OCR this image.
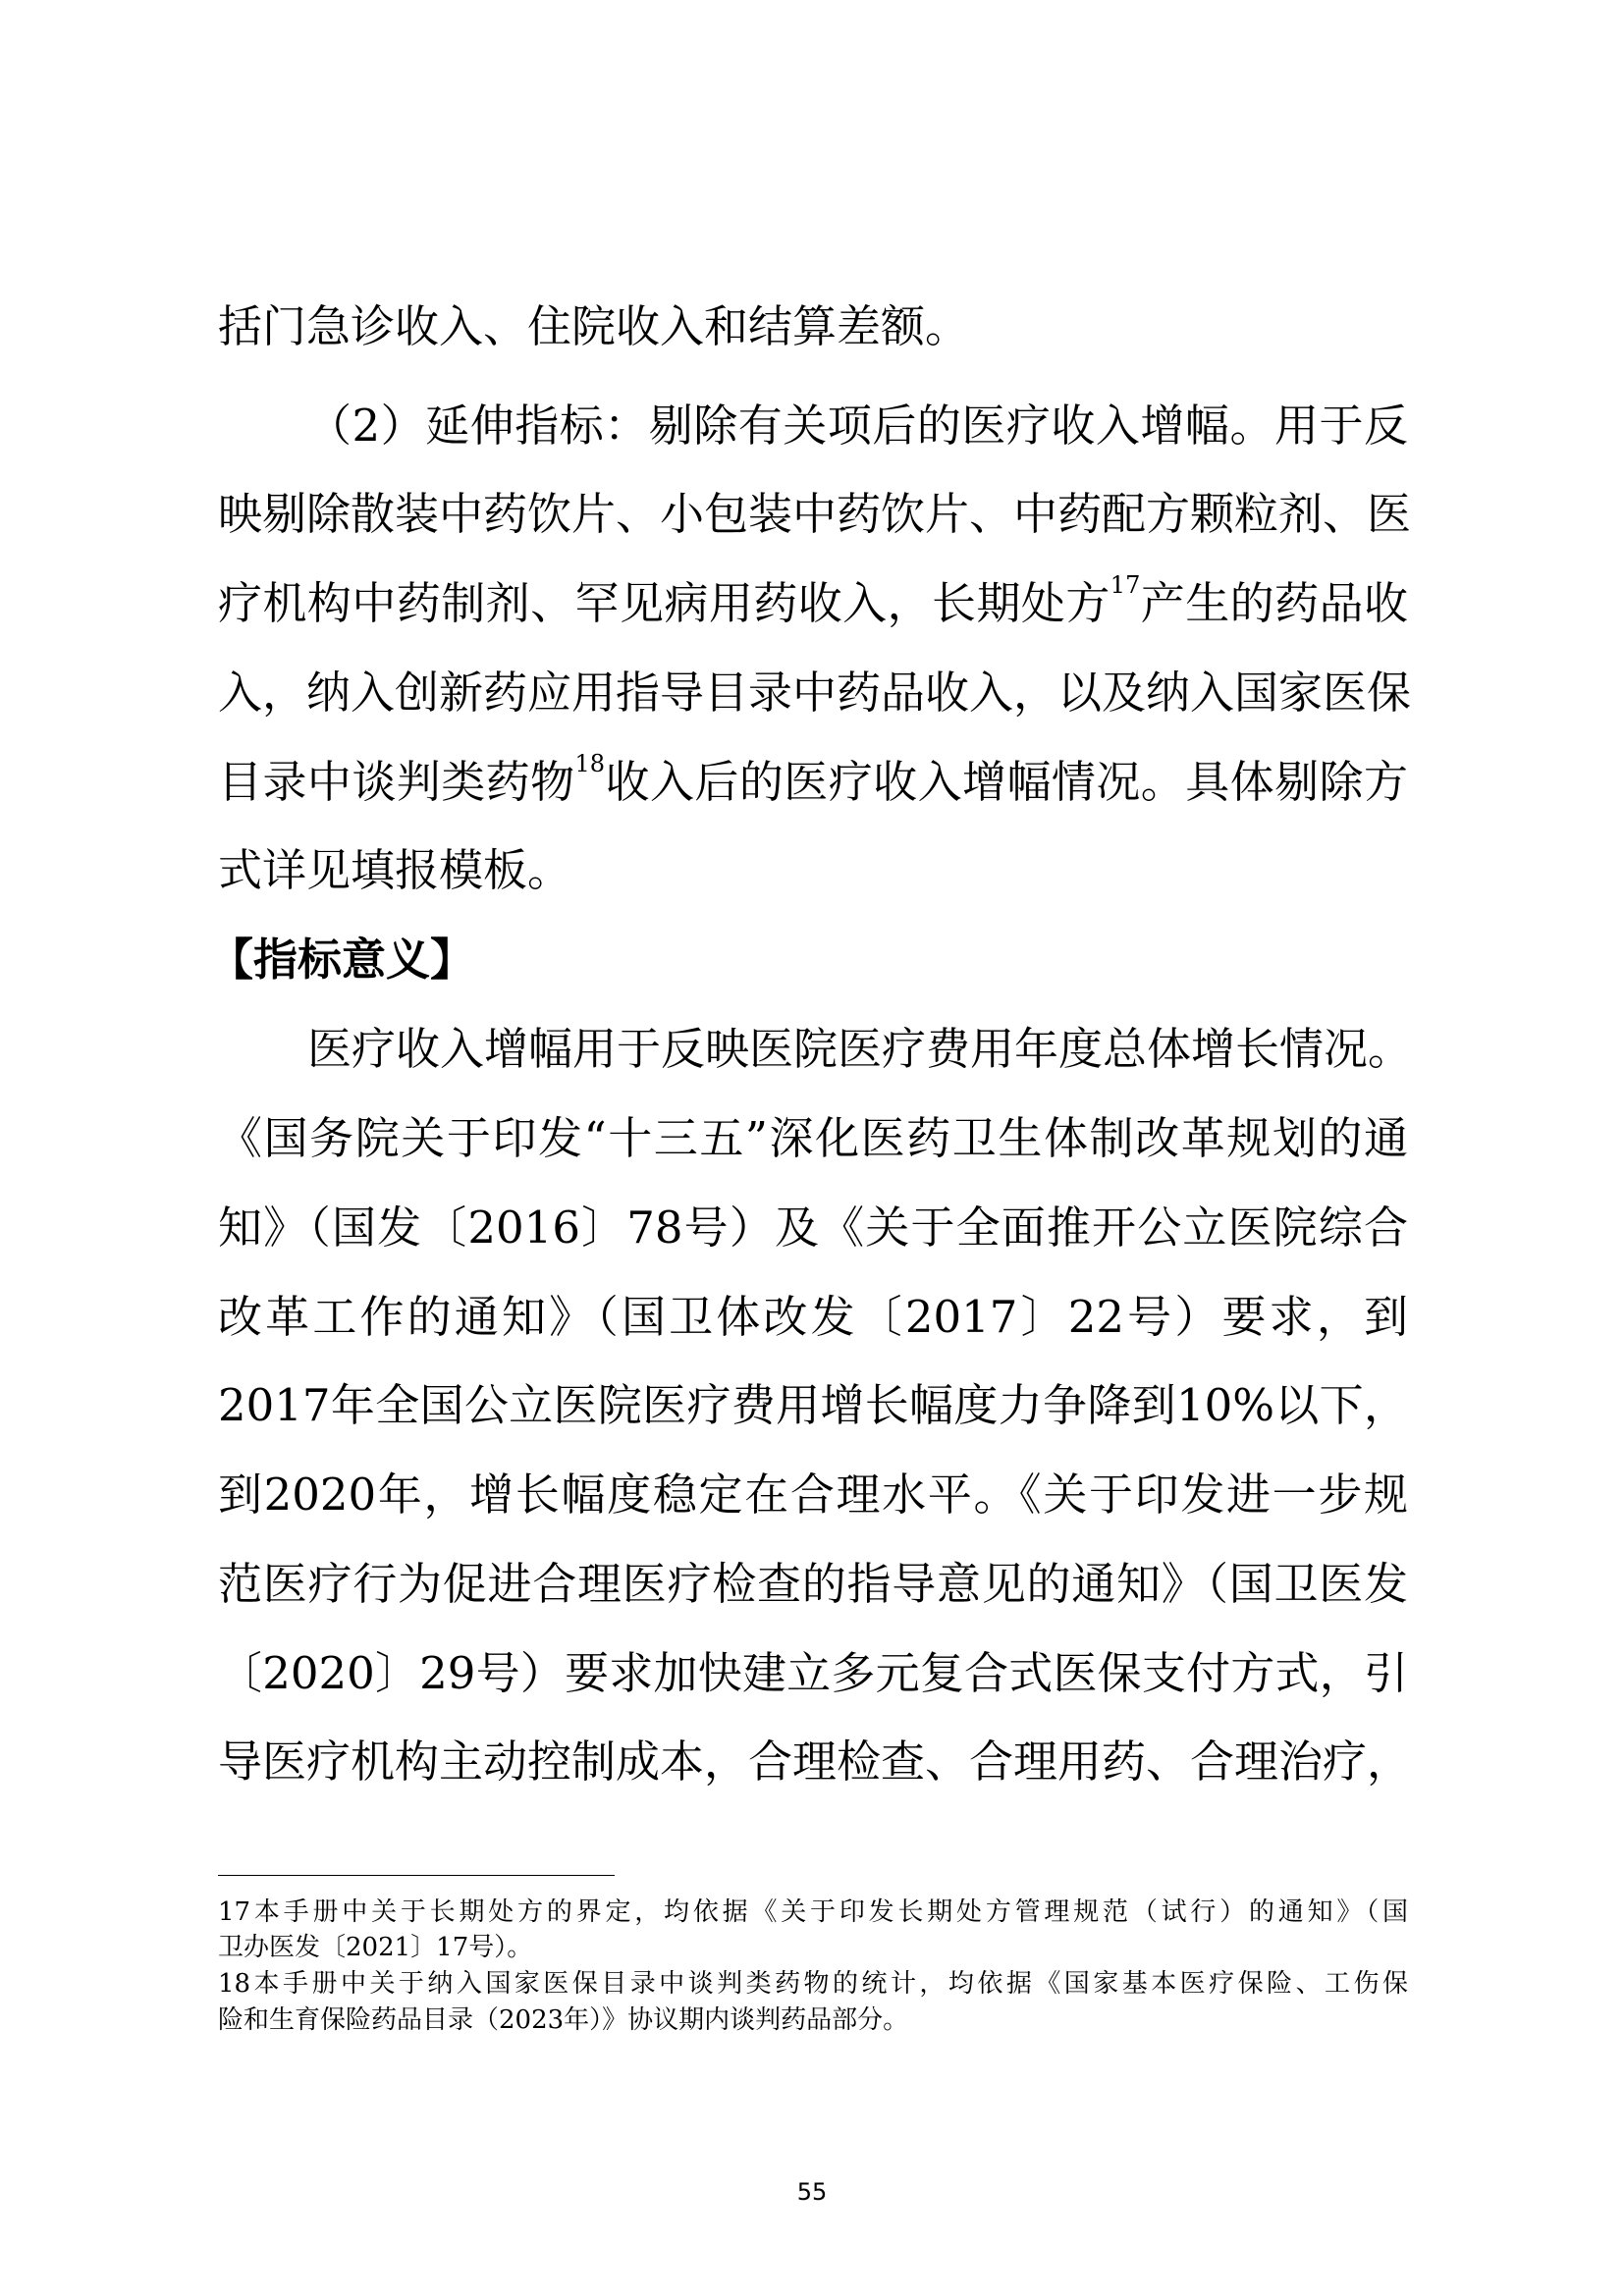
括门急诊收入、住院收入和结算差额。
（2）延伸指标：剔除有关项后的医疗收入增幅。用于反
映剔除散装中药饮片、小包装中药饮片、中药配方颗粒剂、医
疗机构中药制剂、罕见病用药收入，长期处方$^{17}$产生的药品收
入，纳入创新药应用指导目录中药品收入，以及纳入国家医保
目录中谈判类药物$^{18}$收入后的医疗收入增幅情况。具体剔除方
式详见填报模板。
【指标意义】
医疗收入增幅用于反映医院医疗费用年度总体增长情况。
《国务院关于印发“十三五”深化医药卫生体制改革规划的通
知》（国发〔2016〕78号）及《关于全面推开公立医院综合
改革工作的通知》（国卫体改发〔2017〕22号）要求，到
2017年全国公立医院医疗费用增长幅度力争降到10%以下，
到2020年，增长幅度稳定在合理水平。《关于印发进一步规
范医疗行为促进合理医疗检查的指导意见的通知》（国卫医发
〔2020〕29号）要求加快建立多元复合式医保支付方式，引
导医疗机构主动控制成本，合理检查、合理用药、合理治疗，
17本手册中关于长期处方的界定，均依据《关于印发长期处方管理规范（试行）的通知》（国
卫办医发〔2021〕17号）。
18本手册中关于纳入国家医保目录中谈判类药物的统计，均依据《国家基本医疗保险、工伤保
险和生育保险药品目录（2023年）》协议期内谈判药品部分。
55
